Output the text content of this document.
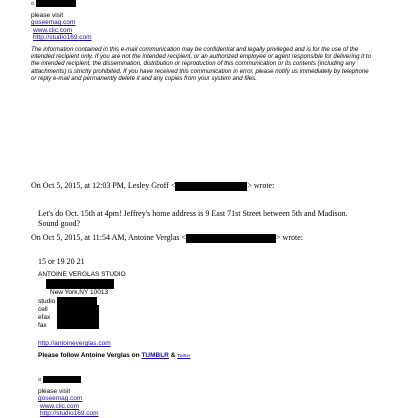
G
please visit
goseemag.com
www.clic.com
http://studio169.com
The information contained in this e-mail communication may be confidential and legally privileged and is for the use of the intended recipient only. If you are not the intended recipient, or an authorized employee or agent responsible for delivering it to the intended recipient, the dissemination, distribution or reproduction of this communication or its contents (including any attachments) is strictly prohibited. If you have received this communication in error, please notify us immediately by telephone or reply e-mail and permanently delete it and any copies from your system and files.
On Oct 5, 2015, at 12:03 PM, Lesley Groff <	> wrote:
Let's do Oct. 15th at 4pm! Jeffrey's home address is 9 East 71st Street between 5th and Madison. Sound good?
On Oct 5, 2015, at 11:54 AM, Antoine Verglas <	> wrote:
15 or 19 20 21
ANTOINE VERGLAS STUDIO
New York,NY 10013
studio
cell
efax
fax
http://antoineverglas.com
Please follow Antoine Verglas on TUMBLR & Twitter
G
please visit
goseemag.com
www.clic.com
http://studio169.com
